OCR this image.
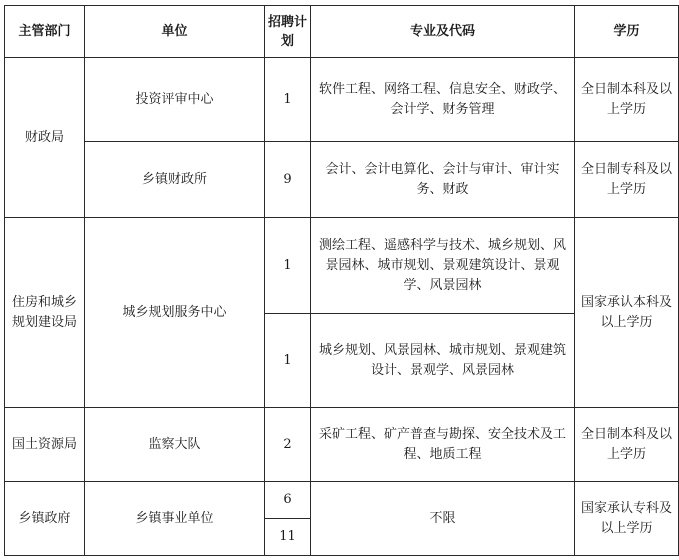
主管部门	单位	招聘计划	专业及代码	学历
财政局	投资评审中心	1	软件工程、网络工程、信息安全、财政学、会计学、财务管理	全日制本科及以上学历
	乡镇财政所	9	会计、会计电算化、会计与审计、审计实务、财政	全日制专科及以上学历
住房和城乡规划建设局	城乡规划服务中心	1	测绘工程、遥感科学与技术、城乡规划、风景园林、城市规划、景观建筑设计、景观学、风景园林	国家承认本科及以上学历
		1	城乡规划、风景园林、城市规划、景观建筑设计、景观学、风景园林	
国土资源局	监察大队	2	采矿工程、矿产普查与勘探、安全技术及工程、地质工程	全日制本科及以上学历
乡镇政府	乡镇事业单位	6	不限	国家承认专科及以上学历
		11		
